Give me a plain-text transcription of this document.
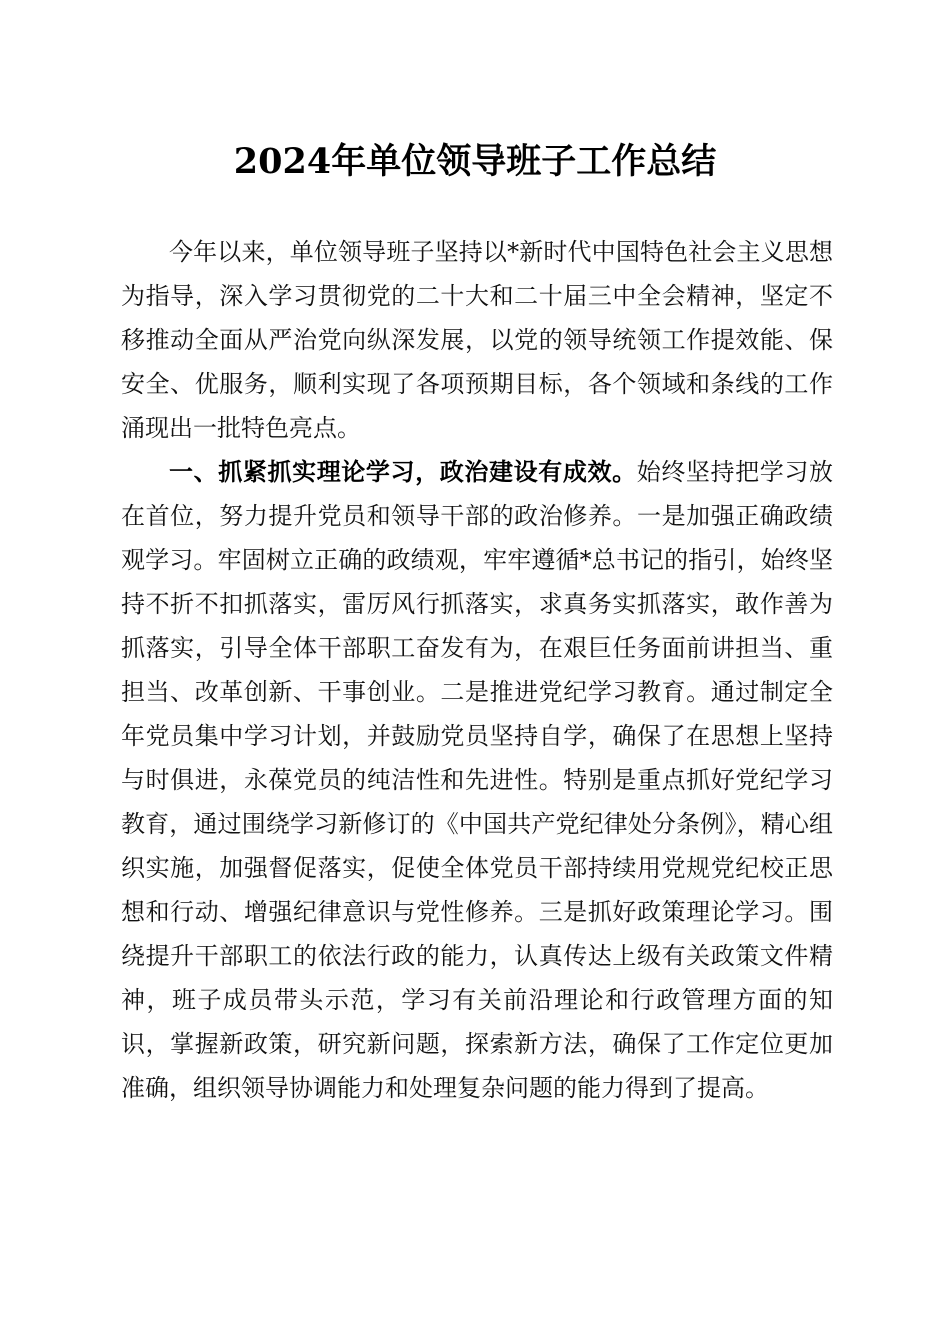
2024年单位领导班子工作总结

今年以来，单位领导班子坚持以*新时代中国特色社会主义思想为指导，深入学习贯彻党的二十大和二十届三中全会精神，坚定不移推动全面从严治党向纵深发展，以党的领导统领工作提效能、保安全、优服务，顺利实现了各项预期目标，各个领域和条线的工作涌现出一批特色亮点。

一、抓紧抓实理论学习，政治建设有成效。始终坚持把学习放在首位，努力提升党员和领导干部的政治修养。一是加强正确政绩观学习。牢固树立正确的政绩观，牢牢遵循*总书记的指引，始终坚持不折不扣抓落实，雷厉风行抓落实，求真务实抓落实，敢作善为抓落实，引导全体干部职工奋发有为，在艰巨任务面前讲担当、重担当、改革创新、干事创业。二是推进党纪学习教育。通过制定全年党员集中学习计划，并鼓励党员坚持自学，确保了在思想上坚持与时俱进，永葆党员的纯洁性和先进性。特别是重点抓好党纪学习教育，通过围绕学习新修订的《中国共产党纪律处分条例》，精心组织实施，加强督促落实，促使全体党员干部持续用党规党纪校正思想和行动、增强纪律意识与党性修养。三是抓好政策理论学习。围绕提升干部职工的依法行政的能力，认真传达上级有关政策文件精神，班子成员带头示范，学习有关前沿理论和行政管理方面的知识，掌握新政策，研究新问题，探索新方法，确保了工作定位更加准确，组织领导协调能力和处理复杂问题的能力得到了提高。
